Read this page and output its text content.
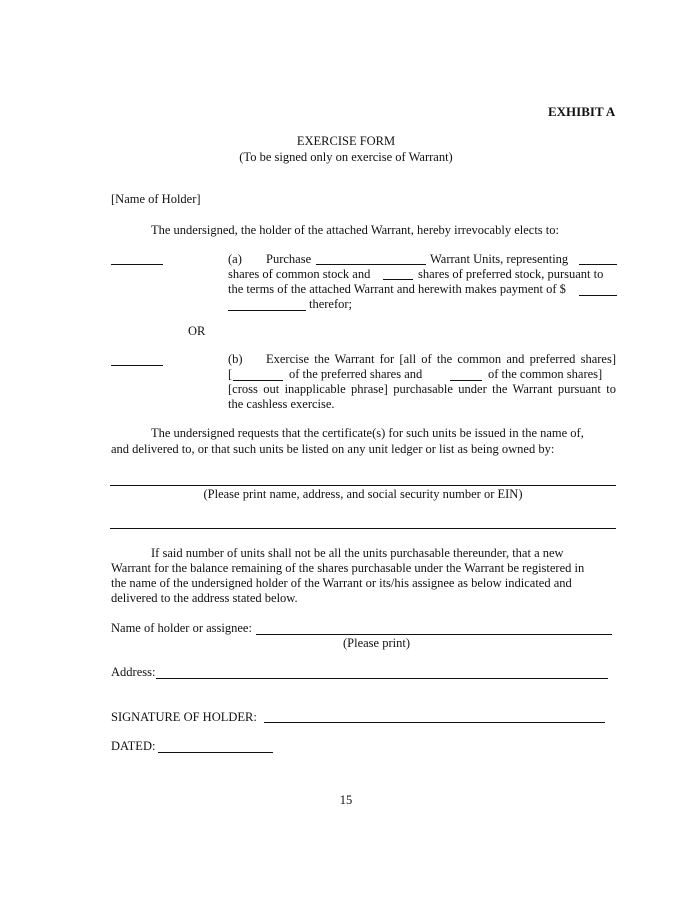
EXHIBIT A
EXERCISE FORM
(To be signed only on exercise of Warrant)
[Name of Holder]
The undersigned, the holder of the attached Warrant, hereby irrevocably elects to:
(a) Purchase	Warrant Units, representing
shares of common stock and	shares of preferred stock, pursuant to
the terms of the attached Warrant and herewith makes payment of $
therefor;
OR
(b) Exercise the Warrant for [all of the common and preferred shares]
[	of the preferred shares and	of the common shares]
[cross out inapplicable phrase] purchasable under the Warrant pursuant to
the cashless exercise.
The undersigned requests that the certificate(s) for such units be issued in the name of,
and delivered to, or that such units be listed on any unit ledger or list as being owned by:
(Please print name, address, and social security number or EIN)
If said number of units shall not be all the units purchasable thereunder, that a new
Warrant for the balance remaining of the shares purchasable under the Warrant be registered in
the name of the undersigned holder of the Warrant or its/his assignee as below indicated and
delivered to the address stated below.
Name of holder or assignee:
(Please print)
Address:
SIGNATURE OF HOLDER:
DATED:
15
